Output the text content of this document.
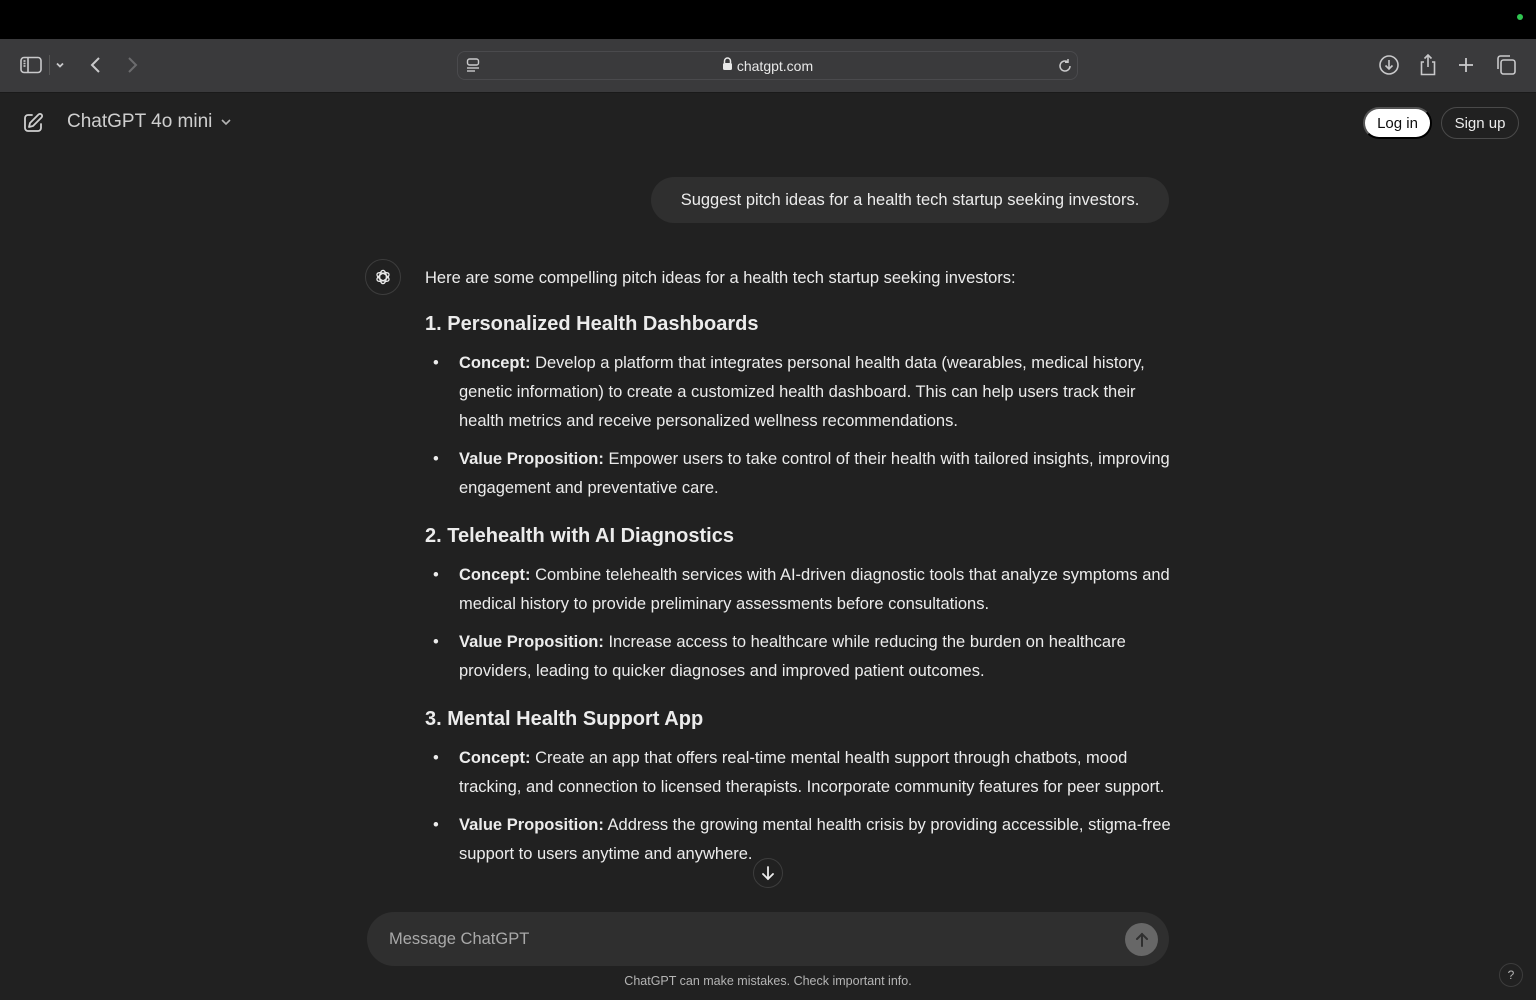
chatgpt.com
ChatGPT 4o mini	Log in	Sign up
Suggest pitch ideas for a health tech startup seeking investors.

Here are some compelling pitch ideas for a health tech startup seeking investors:

1. Personalized Health Dashboards
• Concept: Develop a platform that integrates personal health data (wearables, medical history, genetic information) to create a customized health dashboard. This can help users track their health metrics and receive personalized wellness recommendations.
• Value Proposition: Empower users to take control of their health with tailored insights, improving engagement and preventative care.
2. Telehealth with AI Diagnostics
• Concept: Combine telehealth services with AI-driven diagnostic tools that analyze symptoms and medical history to provide preliminary assessments before consultations.
• Value Proposition: Increase access to healthcare while reducing the burden on healthcare providers, leading to quicker diagnoses and improved patient outcomes.
3. Mental Health Support App
• Concept: Create an app that offers real-time mental health support through chatbots, mood tracking, and connection to licensed therapists. Incorporate community features for peer support.
• Value Proposition: Address the growing mental health crisis by providing accessible, stigma-free support to users anytime and anywhere.
Message ChatGPT
ChatGPT can make mistakes. Check important info.	?
